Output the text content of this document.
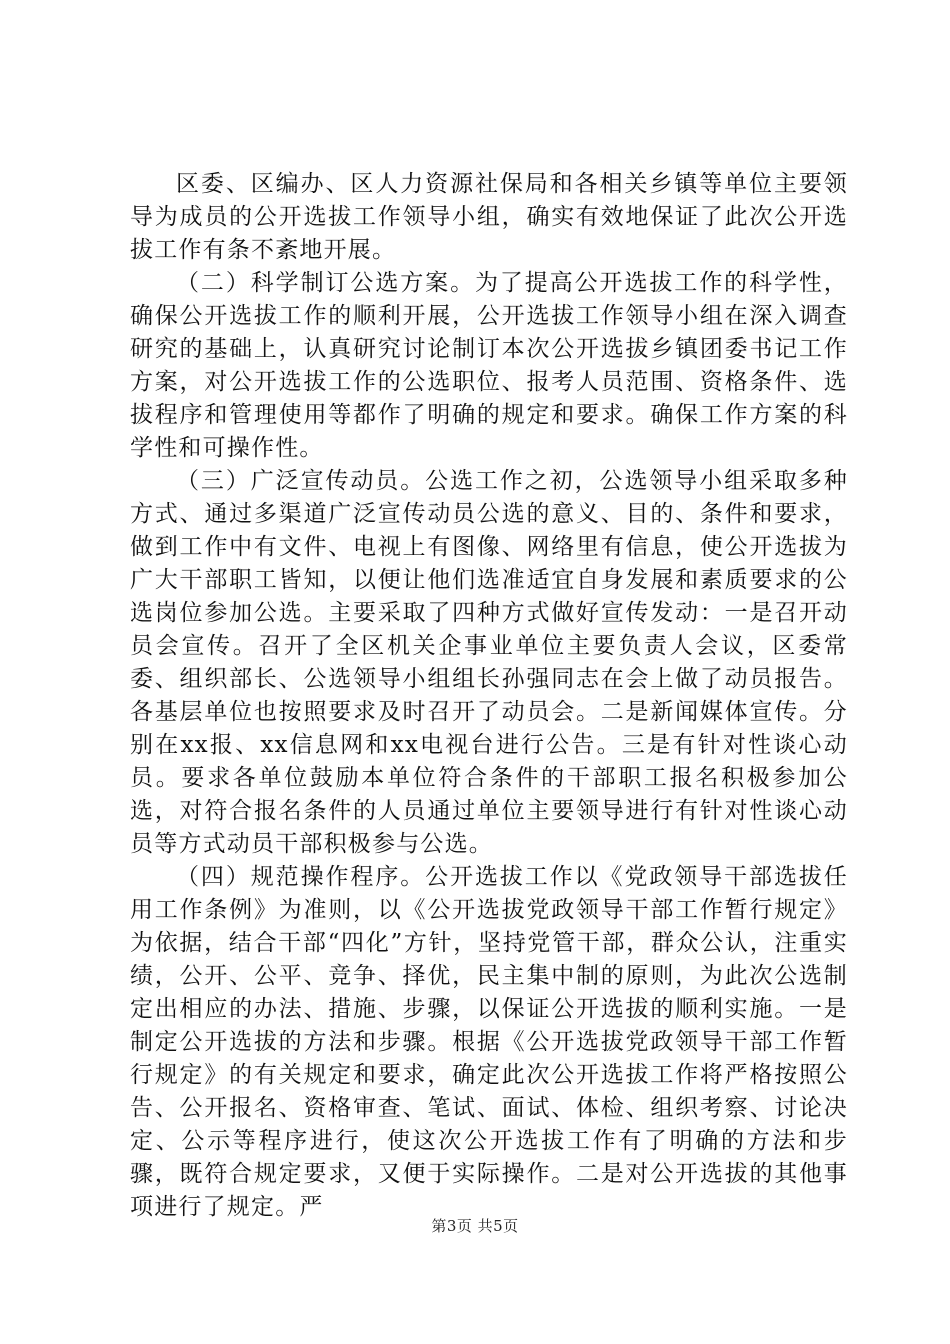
区委、区编办、区人力资源社保局和各相关乡镇等单位主要领导为成员的公开选拔工作领导小组，确实有效地保证了此次公开选拔工作有条不紊地开展。

（二）科学制订公选方案。为了提高公开选拔工作的科学性，确保公开选拔工作的顺利开展，公开选拔工作领导小组在深入调查研究的基础上，认真研究讨论制订本次公开选拔乡镇团委书记工作方案，对公开选拔工作的公选职位、报考人员范围、资格条件、选拔程序和管理使用等都作了明确的规定和要求。确保工作方案的科学性和可操作性。

（三）广泛宣传动员。公选工作之初，公选领导小组采取多种方式、通过多渠道广泛宣传动员公选的意义、目的、条件和要求，做到工作中有文件、电视上有图像、网络里有信息，使公开选拔为广大干部职工皆知，以便让他们选准适宜自身发展和素质要求的公选岗位参加公选。主要采取了四种方式做好宣传发动：一是召开动员会宣传。召开了全区机关企事业单位主要负责人会议，区委常委、组织部长、公选领导小组组长孙强同志在会上做了动员报告。各基层单位也按照要求及时召开了动员会。二是新闻媒体宣传。分别在xx报、xx信息网和xx电视台进行公告。三是有针对性谈心动员。要求各单位鼓励本单位符合条件的干部职工报名积极参加公选，对符合报名条件的人员通过单位主要领导进行有针对性谈心动员等方式动员干部积极参与公选。

（四）规范操作程序。公开选拔工作以《党政领导干部选拔任用工作条例》为准则，以《公开选拔党政领导干部工作暂行规定》为依据，结合干部“四化”方针，坚持党管干部，群众公认，注重实绩，公开、公平、竞争、择优，民主集中制的原则，为此次公选制定出相应的办法、措施、步骤，以保证公开选拔的顺利实施。一是制定公开选拔的方法和步骤。根据《公开选拔党政领导干部工作暂行规定》的有关规定和要求，确定此次公开选拔工作将严格按照公告、公开报名、资格审查、笔试、面试、体检、组织考察、讨论决定、公示等程序进行，使这次公开选拔工作有了明确的方法和步骤，既符合规定要求，又便于实际操作。二是对公开选拔的其他事项进行了规定。严

第3页 共5页
